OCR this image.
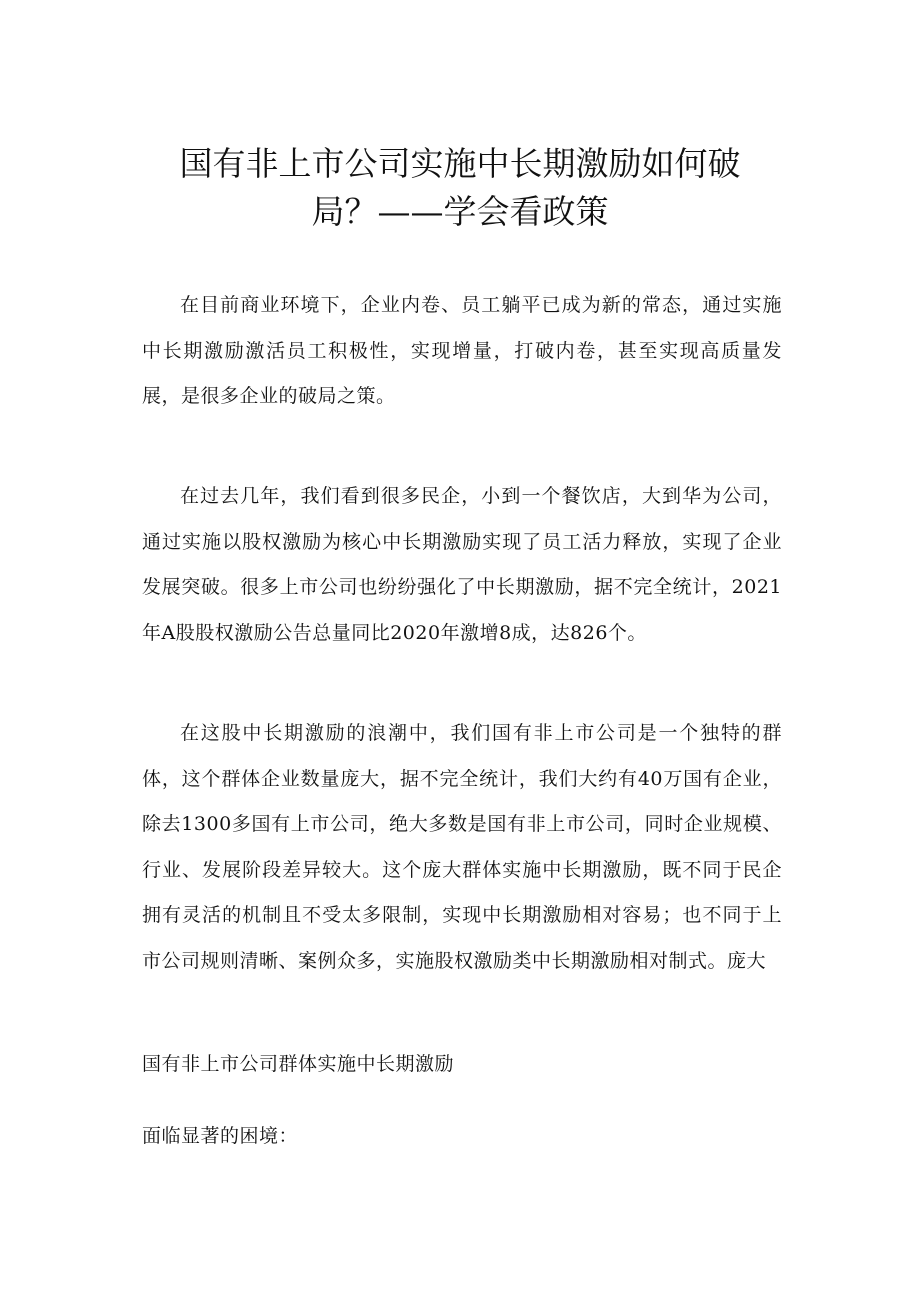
国有非上市公司实施中长期激励如何破
局？——学会看政策

在目前商业环境下，企业内卷、员工躺平已成为新的常态，通过实施中长期激励激活员工积极性，实现增量，打破内卷，甚至实现高质量发展，是很多企业的破局之策。

在过去几年，我们看到很多民企，小到一个餐饮店，大到华为公司，通过实施以股权激励为核心中长期激励实现了员工活力释放，实现了企业发展突破。很多上市公司也纷纷强化了中长期激励，据不完全统计，2021年A股股权激励公告总量同比2020年激增8成，达826个。

在这股中长期激励的浪潮中，我们国有非上市公司是一个独特的群体，这个群体企业数量庞大，据不完全统计，我们大约有40万国有企业，除去1300多国有上市公司，绝大多数是国有非上市公司，同时企业规模、行业、发展阶段差异较大。这个庞大群体实施中长期激励，既不同于民企拥有灵活的机制且不受太多限制，实现中长期激励相对容易；也不同于上市公司规则清晰、案例众多，实施股权激励类中长期激励相对制式。庞大

国有非上市公司群体实施中长期激励

面临显著的困境：
